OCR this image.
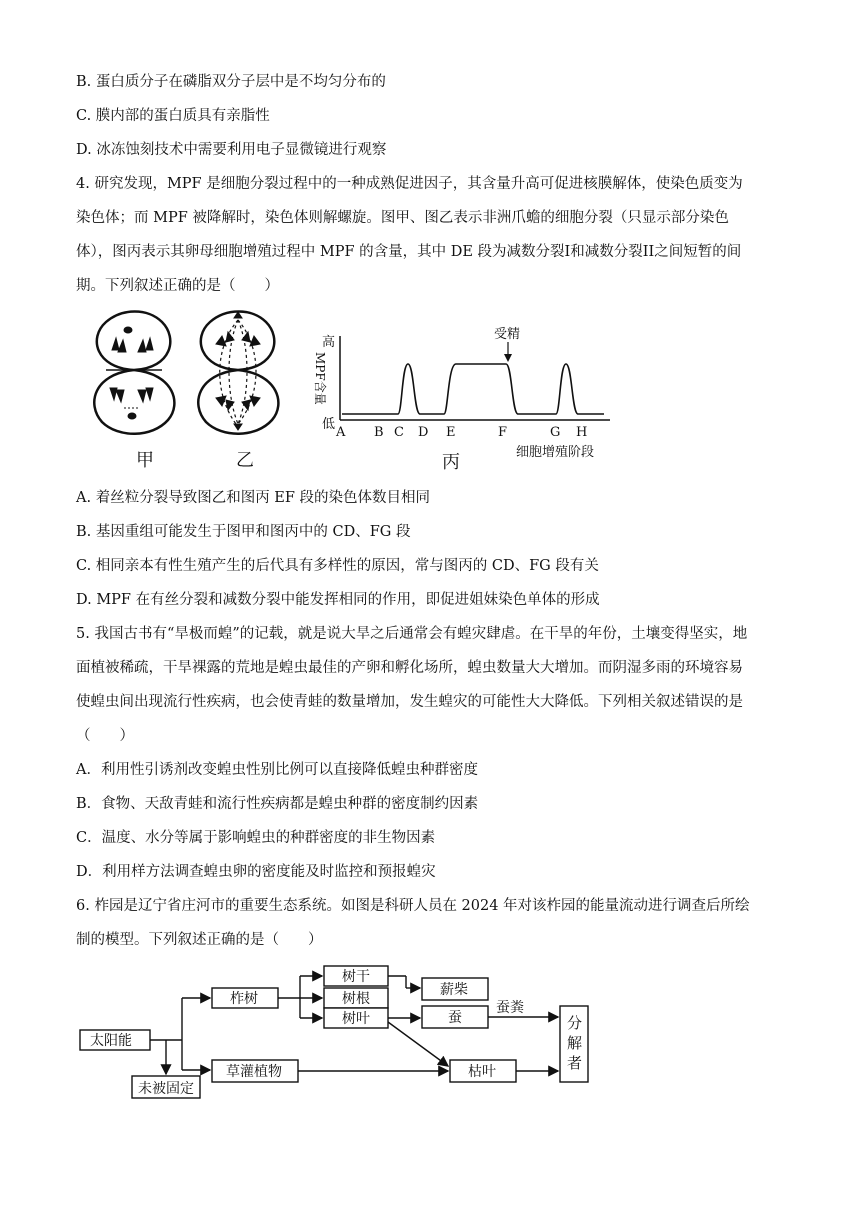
B. 蛋白质分子在磷脂双分子层中是不均匀分布的
C. 膜内部的蛋白质具有亲脂性
D. 冰冻蚀刻技术中需要利用电子显微镜进行观察
4. 研究发现，MPF 是细胞分裂过程中的一种成熟促进因子，其含量升高可促进核膜解体，使染色质变为
染色体；而 MPF 被降解时，染色体则解螺旋。图甲、图乙表示非洲爪蟾的细胞分裂（只显示部分染色
体），图丙表示其卵母细胞增殖过程中 MPF 的含量，其中 DE 段为减数分裂I和减数分裂II之间短暂的间
期。下列叙述正确的是（　　）
甲	乙	丙
高
低
MPF含量
受精
A B C D E	F	G H
细胞增殖阶段
A. 着丝粒分裂导致图乙和图丙 EF 段的染色体数目相同
B. 基因重组可能发生于图甲和图丙中的 CD、FG 段
C. 相同亲本有性生殖产生的后代具有多样性的原因，常与图丙的 CD、FG 段有关
D. MPF 在有丝分裂和减数分裂中能发挥相同的作用，即促进姐妹染色单体的形成
5. 我国古书有“旱极而蝗”的记载，就是说大旱之后通常会有蝗灾肆虐。在干旱的年份，土壤变得坚实，地
面植被稀疏，干旱裸露的荒地是蝗虫最佳的产卵和孵化场所，蝗虫数量大大增加。而阴湿多雨的环境容易
使蝗虫间出现流行性疾病，也会使青蛙的数量增加，发生蝗灾的可能性大大降低。下列相关叙述错误的是
（　　）
A．利用性引诱剂改变蝗虫性别比例可以直接降低蝗虫种群密度
B．食物、天敌青蛙和流行性疾病都是蝗虫种群的密度制约因素
C．温度、水分等属于影响蝗虫的种群密度的非生物因素
D．利用样方法调查蝗虫卵的密度能及时监控和预报蝗灾
6. 柞园是辽宁省庄河市的重要生态系统。如图是科研人员在 2024 年对该柞园的能量流动进行调查后所绘
制的模型。下列叙述正确的是（　　）
太阳能
未被固定
柞树
树干
树根
树叶
薪柴
蚕
蚕粪
草灌植物	枯叶
分
解
者
